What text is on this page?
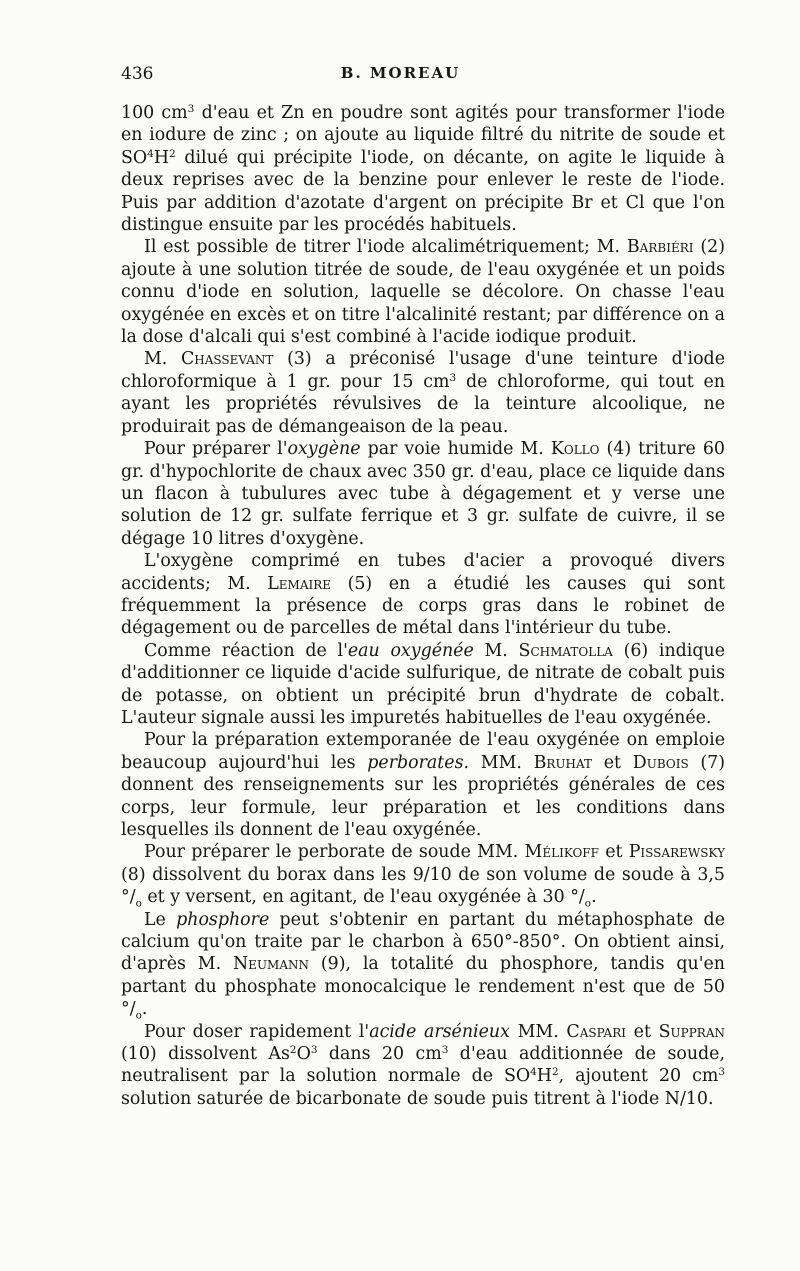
436	B. MOREAU

100 $cm^3$ d'eau et Zn en poudre sont agités pour transformer l'iode en iodure de zinc ; on ajoute au liquide filtré du nitrite de soude et $SO^4H^2$ dilué qui précipite l'iode, on décante, on agite le liquide à deux reprises avec de la benzine pour enlever le reste de l'iode. Puis par addition d'azotate d'argent on précipite Br et Cl que l'on distingue ensuite par les procédés habituels.

Il est possible de titrer l'iode alcalimétriquement; M. Barbiéri (2) ajoute à une solution titrée de soude, de l'eau oxygénée et un poids connu d'iode en solution, laquelle se décolore. On chasse l'eau oxygénée en excès et on titre l'alcalinité restant; par différence on a la dose d'alcali qui s'est combiné à l'acide iodique produit.

M. Chassevant (3) a préconisé l'usage d'une teinture d'iode chloroformique à 1 gr. pour 15 $cm^3$ de chloroforme, qui tout en ayant les propriétés révulsives de la teinture alcoolique, ne produirait pas de démangeaison de la peau.

Pour préparer l'oxygène par voie humide M. Kollo (4) triture 60 gr. d'hypochlorite de chaux avec 350 gr. d'eau, place ce liquide dans un flacon à tubulures avec tube à dégagement et y verse une solution de 12 gr. sulfate ferrique et 3 gr. sulfate de cuivre, il se dégage 10 litres d'oxygène.

L'oxygène comprimé en tubes d'acier a provoqué divers accidents; M. Lemaire (5) en a étudié les causes qui sont fréquemment la présence de corps gras dans le robinet de dégagement ou de parcelles de métal dans l'intérieur du tube.

Comme réaction de l'eau oxygénée M. Schmatolla (6) indique d'additionner ce liquide d'acide sulfurique, de nitrate de cobalt puis de potasse, on obtient un précipité brun d'hydrate de cobalt. L'auteur signale aussi les impuretés habituelles de l'eau oxygénée.

Pour la préparation extemporanée de l'eau oxygénée on emploie beaucoup aujourd'hui les perborates. MM. Bruhat et Dubois (7) donnent des renseignements sur les propriétés générales de ces corps, leur formule, leur préparation et les conditions dans lesquelles ils donnent de l'eau oxygénée.

Pour préparer le perborate de soude MM. Mélikoff et Pissarewsky (8) dissolvent du borax dans les 9/10 de son volume de soude à 3,5 $^\circ/_o$ et y versent, en agitant, de l'eau oxygénée à 30 $^\circ/_o$.

Le phosphore peut s'obtenir en partant du métaphosphate de calcium qu'on traite par le charbon à 650°-850°. On obtient ainsi, d'après M. Neumann (9), la totalité du phosphore, tandis qu'en partant du phosphate monocalcique le rendement n'est que de 50 $^\circ/_o$.

Pour doser rapidement l'acide arsénieux MM. Caspari et Suppran (10) dissolvent $As^2O^3$ dans 20 $cm^3$ d'eau additionnée de soude, neutralisent par la solution normale de $SO^4H^2$, ajoutent 20 $cm^3$ solution saturée de bicarbonate de soude puis titrent à l'iode N/10.
